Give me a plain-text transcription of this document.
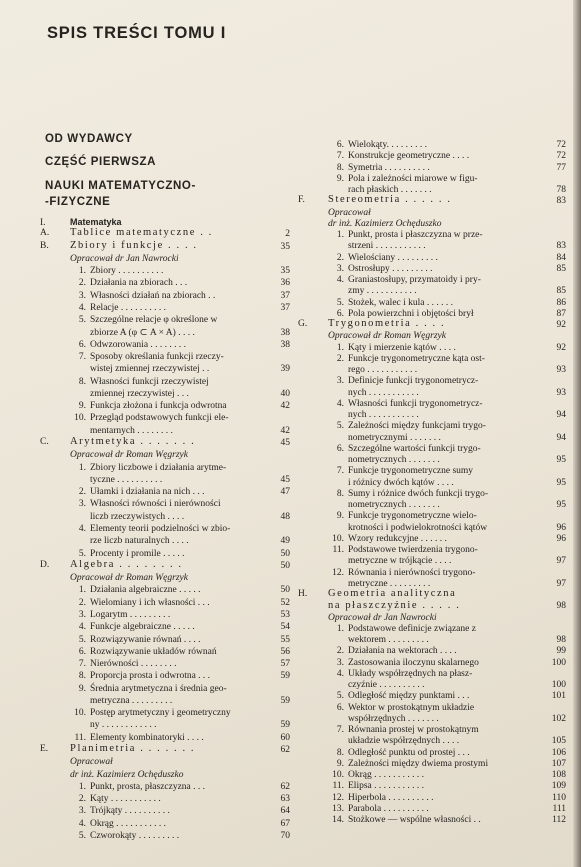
SPIS TREŚCI TOMU I
OD WYDAWCY
CZĘŚĆ PIERWSZA
NAUKI MATEMATYCZNO-
-FIZYCZNE
I.	Matematyka
A. Tablice matematyczne . .	2
B. Zbiory i funkcje . . . .	35
Opracował dr Jan Nawrocki
1. Zbiory . . . . . . . . . .	35
2. Działania na zbiorach . . .	36
3. Własności działań na zbiorach . .	37
4. Relacje . . . . . . . . . .	37
5. Szczególne relacje φ określone w
zbiorze A (φ ⊂ A × A) . . . .	38
6. Odwzorowania . . . . . . . .	38
7. Sposoby określania funkcji rzeczy-
wistej zmiennej rzeczywistej . .	39
8. Własności funkcji rzeczywistej
zmiennej rzeczywistej . . .	40
9. Funkcja złożona i funkcja odwrotna	42
10. Przegląd podstawowych funkcji ele-
mentarnych . . . . . . . .	42
C. Arytmetyka . . . . . . .	45
Opracował dr Roman Węgrzyk
1. Zbiory liczbowe i działania arytme-
tyczne . . . . . . . . . .	45
2. Ułamki i działania na nich . . .	47
3. Własności równości i nierówności
liczb rzeczywistych . . . .	48
4. Elementy teorii podzielności w zbio-
rze liczb naturalnych . . . .	49
5. Procenty i promile . . . . .	50
D. Algebra . . . . . . . .	50
Opracował dr Roman Węgrzyk
1. Działania algebraiczne . . . . .	50
2. Wielomiany i ich własności . . .	52
3. Logarytm . . . . . . . . .	53
4. Funkcje algebraiczne . . . . .	54
5. Rozwiązywanie równań . . . .	55
6. Rozwiązywanie układów równań	56
7. Nierówności . . . . . . . .	57
8. Proporcja prosta i odwrotna . . .	59
9. Średnia arytmetyczna i średnia geo-
metryczna . . . . . . . . .	59
10. Postęp arytmetyczny i geometryczny
ny . . . . . . . . . . . .	59
11. Elementy kombinatoryki . . . .	60
E. Planimetria . . . . . . .	62
Opracował
dr inż. Kazimierz Ochęduszko
1. Punkt, prosta, płaszczyzna . . .	62
2. Kąty . . . . . . . . . . .	63
3. Trójkąty . . . . . . . . . .	64
4. Okrąg . . . . . . . . . . .	67
5. Czworokąty . . . . . . . . .	70
6. Wielokąty. . . . . . . . .	72
7. Konstrukcje geometryczne . . . .	72
8. Symetria . . . . . . . . . .	77
9. Pola i zależności miarowe w figu-
rach płaskich . . . . . . .	78
F. Stereometria . . . . . .	83
Opracował
dr inż. Kazimierz Ochęduszko
1. Punkt, prosta i płaszczyzna w prze-
strzeni . . . . . . . . . . .	83
2. Wielościany . . . . . . . . .	84
3. Ostrosłupy . . . . . . . . .	85
4. Graniastosłupy, przymatoidy i pry-
zmy . . . . . . . . . . .	85
5. Stożek, walec i kula . . . . . .	86
6. Pola powierzchni i objętości brył	87
G. Trygonometria . . . .	92
Opracował dr Roman Węgrzyk
1. Kąty i mierzenie kątów . . . .	92
2. Funkcje trygonometryczne kąta ost-
rego . . . . . . . . . . .	93
3. Definicje funkcji trygonometrycz-
nych . . . . . . . . . . .	93
4. Własności funkcji trygonometrycz-
nych . . . . . . . . . . .	94
5. Zależności między funkcjami trygo-
nometrycznymi . . . . . . .	94
6. Szczególne wartości funkcji trygo-
nometrycznych . . . . . . .	95
7. Funkcje trygonometryczne sumy
i różnicy dwóch kątów . . . .	95
8. Sumy i różnice dwóch funkcji trygo-
nometrycznych . . . . . . .	95
9. Funkcje trygonometryczne wielo-
krotności i podwielokrotności kątów	96
10. Wzory redukcyjne . . . . . .	96
11. Podstawowe twierdzenia trygono-
metryczne w trójkącie . . . .	97
12. Równania i nierówności trygono-
metryczne . . . . . . . . .	97
H. Geometria analityczna
na płaszczyźnie . . . . .	98
Opracował dr Jan Nawrocki
1. Podstawowe definicje związane z
wektorem . . . . . . . . .	98
2. Działania na wektorach . . . .	99
3. Zastosowania iloczynu skalarnego	100
4. Układy współrzędnych na płasz-
czyźnie . . . . . . . . . .	100
5. Odległość między punktami . . .	101
6. Wektor w prostokątnym układzie
współrzędnych . . . . . . .	102
7. Równania prostej w prostokątnym
układzie współrzędnych . . . .	105
8. Odległość punktu od prostej . . .	106
9. Zależności między dwiema prostymi	107
10. Okrąg . . . . . . . . . . .	108
11. Elipsa . . . . . . . . . . .	109
12. Hiperbola . . . . . . . . . .	110
13. Parabola . . . . . . . . . .	111
14. Stożkowe — wspólne własności . .	112
